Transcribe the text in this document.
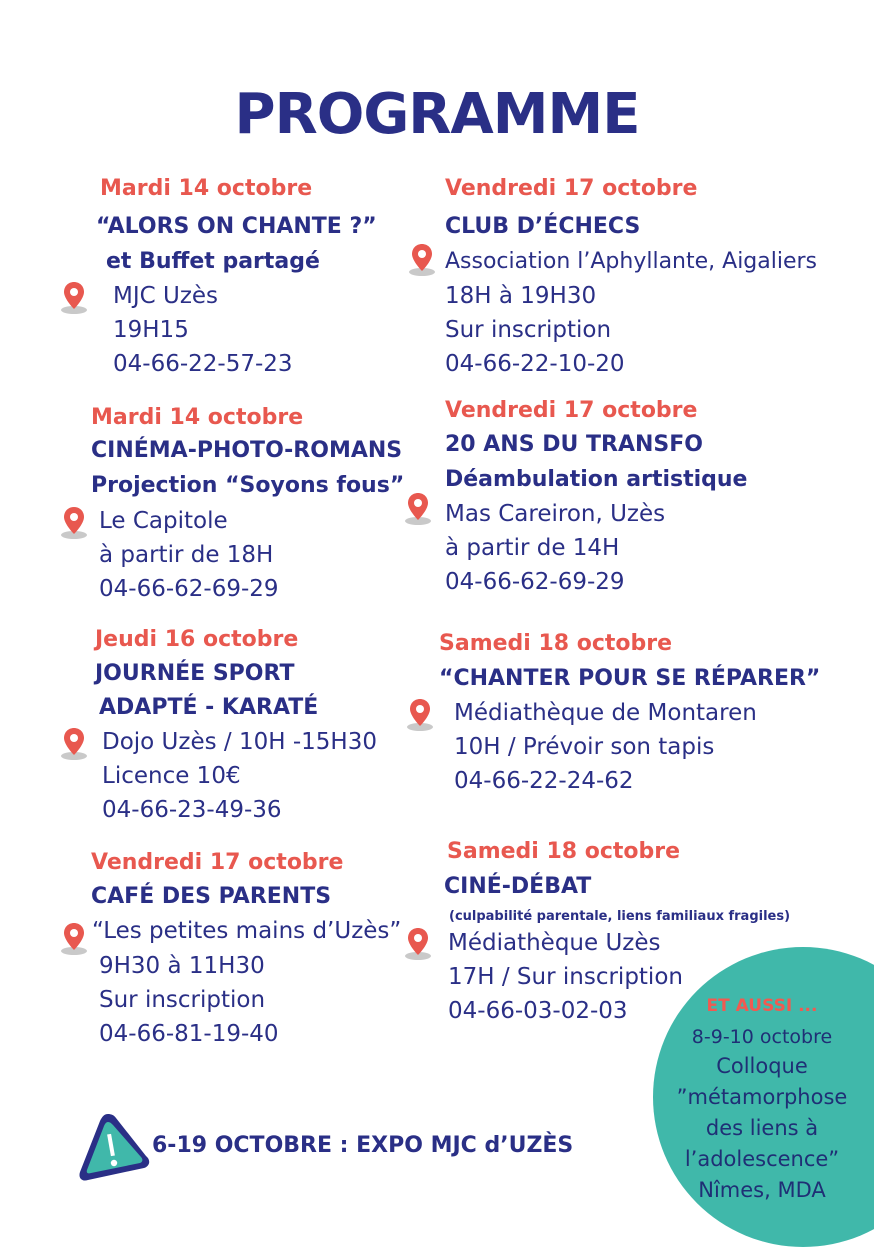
PROGRAMME
Mardi 14 octobre
“ALORS ON CHANTE ?”
et Buffet partagé
MJC Uzès
19H15
04-66-22-57-23
Vendredi 17 octobre
CLUB D’ÉCHECS
Association l’Aphyllante, Aigaliers
18H à 19H30
Sur inscription
04-66-22-10-20
Mardi 14 octobre
CINÉMA-PHOTO-ROMANS
Projection “Soyons fous”
Le Capitole
à partir de 18H
04-66-62-69-29
Vendredi 17 octobre
20 ANS DU TRANSFO
Déambulation artistique
Mas Careiron, Uzès
à partir de 14H
04-66-62-69-29
Jeudi 16 octobre
JOURNÉE SPORT
ADAPTÉ - KARATÉ
Dojo Uzès / 10H -15H30
Licence 10€
04-66-23-49-36
Samedi 18 octobre
“CHANTER POUR SE RÉPARER”
Médiathèque de Montaren
10H / Prévoir son tapis
04-66-22-24-62
Vendredi 17 octobre
CAFÉ DES PARENTS
“Les petites mains d’Uzès”
9H30 à 11H30
Sur inscription
04-66-81-19-40
Samedi 18 octobre
CINÉ-DÉBAT
(culpabilité parentale, liens familiaux fragiles)
Médiathèque Uzès
17H / Sur inscription
04-66-03-02-03	ET AUSSI ...
8-9-10 octobre
Colloque
”métamorphose
des liens à
l’adolescence”
Nîmes, MDA
6-19 OCTOBRE : EXPO MJC d’UZÈS
